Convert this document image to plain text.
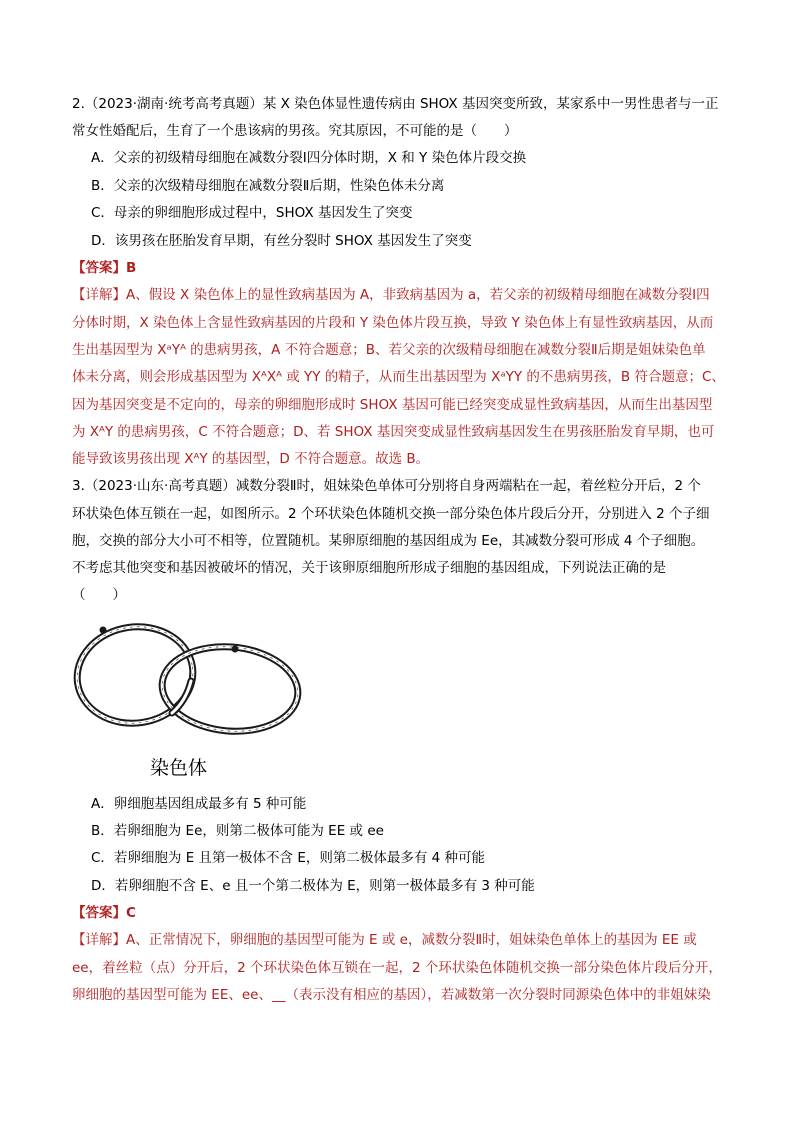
2.（2023·湖南·统考高考真题）某 X 染色体显性遗传病由 SHOX 基因突变所致，某家系中一男性患者与一正
常女性婚配后，生育了一个患该病的男孩。究其原因，不可能的是（　　）
A．父亲的初级精母细胞在减数分裂Ⅰ四分体时期，X 和 Y 染色体片段交换
B．父亲的次级精母细胞在减数分裂Ⅱ后期，性染色体未分离
C．母亲的卵细胞形成过程中，SHOX 基因发生了突变
D．该男孩在胚胎发育早期，有丝分裂时 SHOX 基因发生了突变
【答案】B
【详解】A、假设 X 染色体上的显性致病基因为 A，非致病基因为 a，若父亲的初级精母细胞在减数分裂Ⅰ四
分体时期，X 染色体上含显性致病基因的片段和 Y 染色体片段互换，导致 Y 染色体上有显性致病基因，从而
生出基因型为 XᵃYᴬ 的患病男孩，A 不符合题意；B、若父亲的次级精母细胞在减数分裂Ⅱ后期是姐妹染色单
体未分离，则会形成基因型为 XᴬXᴬ 或 YY 的精子，从而生出基因型为 XᵃYY 的不患病男孩，B 符合题意；C、
因为基因突变是不定向的，母亲的卵细胞形成时 SHOX 基因可能已经突变成显性致病基因，从而生出基因型
为 XᴬY 的患病男孩，C 不符合题意；D、若 SHOX 基因突变成显性致病基因发生在男孩胚胎发育早期，也可
能导致该男孩出现 XᴬY 的基因型，D 不符合题意。故选 B。
3.（2023·山东·高考真题）减数分裂Ⅱ时，姐妹染色单体可分别将自身两端粘在一起，着丝粒分开后，2 个
环状染色体互锁在一起，如图所示。2 个环状染色体随机交换一部分染色体片段后分开，分别进入 2 个子细
胞，交换的部分大小可不相等，位置随机。某卵原细胞的基因组成为 Ee，其减数分裂可形成 4 个子细胞。
不考虑其他突变和基因被破坏的情况，关于该卵原细胞所形成子细胞的基因组成，下列说法正确的是
（　　）
染色体
A．卵细胞基因组成最多有 5 种可能
B．若卵细胞为 Ee，则第二极体可能为 EE 或 ee
C．若卵细胞为 E 且第一极体不含 E，则第二极体最多有 4 种可能
D．若卵细胞不含 E、e 且一个第二极体为 E，则第一极体最多有 3 种可能
【答案】C
【详解】A、正常情况下，卵细胞的基因型可能为 E 或 e，减数分裂Ⅱ时，姐妹染色单体上的基因为 EE 或
ee，着丝粒（点）分开后，2 个环状染色体互锁在一起，2 个环状染色体随机交换一部分染色体片段后分开，
卵细胞的基因型可能为 EE、ee、__（表示没有相应的基因），若减数第一次分裂时同源染色体中的非姐妹染
